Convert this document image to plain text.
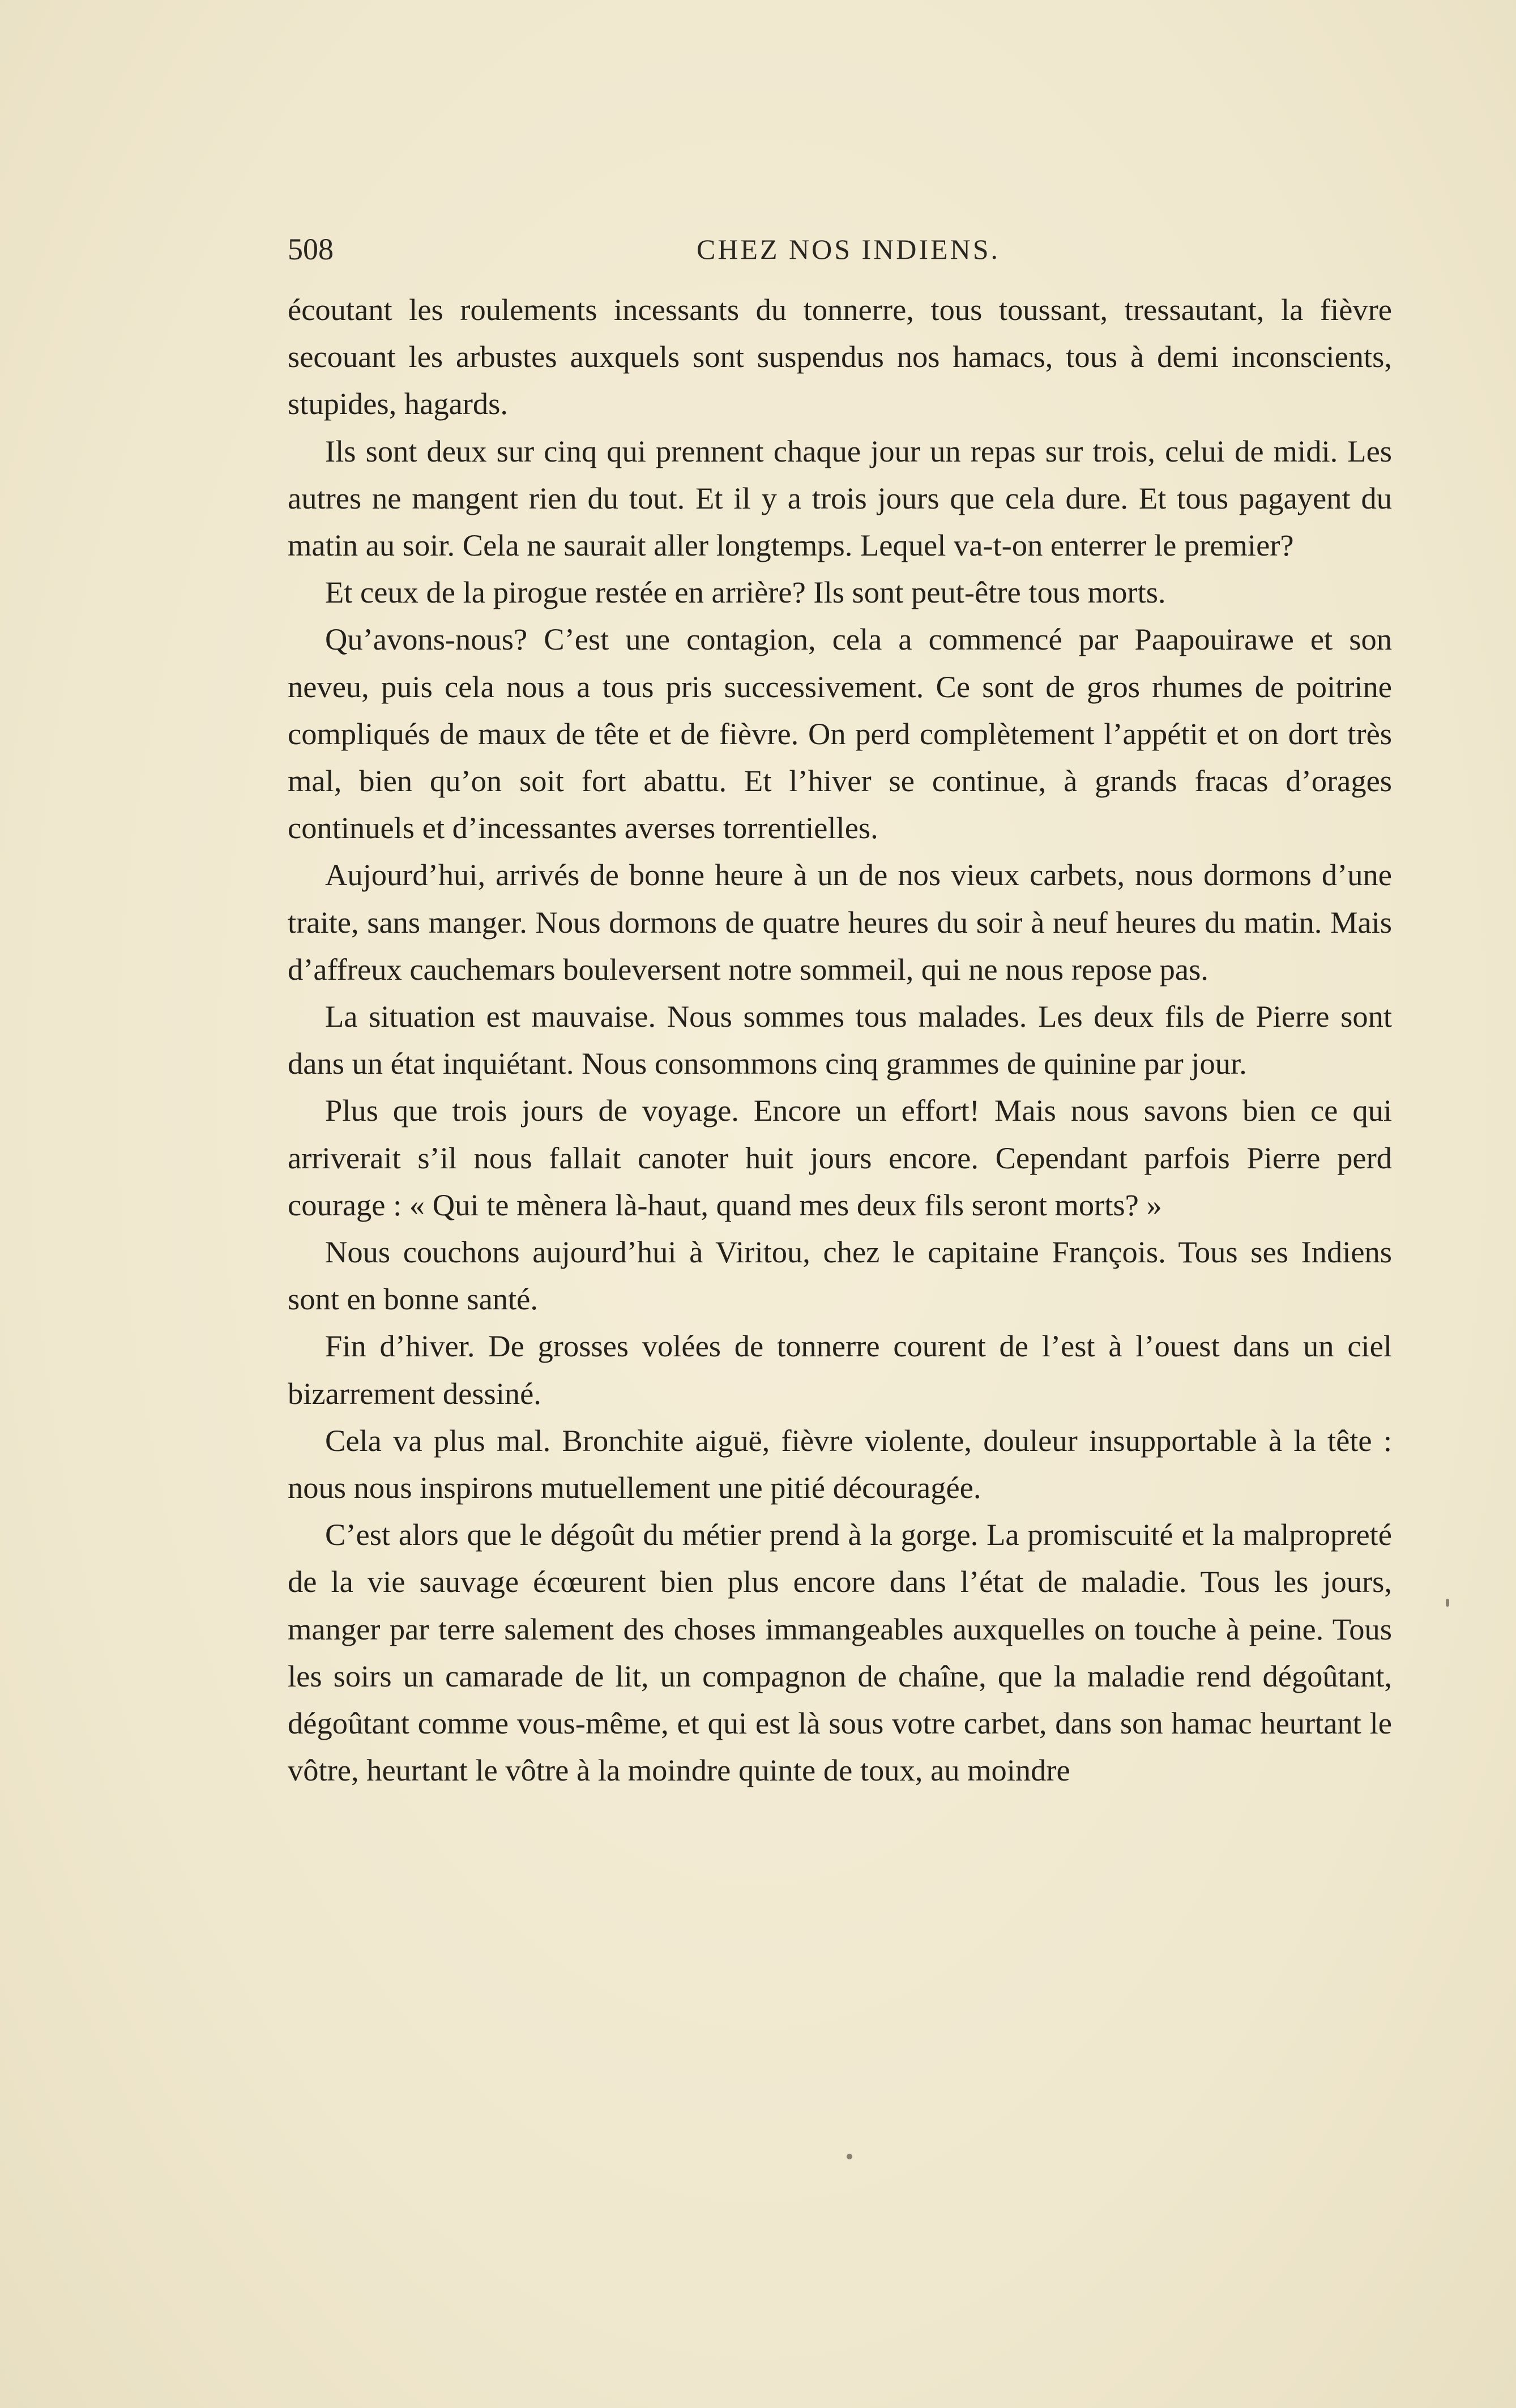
508	CHEZ NOS INDIENS.

écoutant les roulements incessants du tonnerre, tous toussant, tressautant, la fièvre secouant les arbustes auxquels sont suspendus nos hamacs, tous à demi inconscients, stupides, hagards.

Ils sont deux sur cinq qui prennent chaque jour un repas sur trois, celui de midi. Les autres ne mangent rien du tout. Et il y a trois jours que cela dure. Et tous pagayent du matin au soir. Cela ne saurait aller longtemps. Lequel va-t-on enterrer le premier?

Et ceux de la pirogue restée en arrière? Ils sont peut-être tous morts.

Qu’avons-nous? C’est une contagion, cela a commencé par Paapouirawe et son neveu, puis cela nous a tous pris successivement. Ce sont de gros rhumes de poitrine compliqués de maux de tête et de fièvre. On perd complètement l’appétit et on dort très mal, bien qu’on soit fort abattu. Et l’hiver se continue, à grands fracas d’orages continuels et d’incessantes averses torrentielles.

Aujourd’hui, arrivés de bonne heure à un de nos vieux carbets, nous dormons d’une traite, sans manger. Nous dormons de quatre heures du soir à neuf heures du matin. Mais d’affreux cauchemars bouleversent notre sommeil, qui ne nous repose pas.

La situation est mauvaise. Nous sommes tous malades. Les deux fils de Pierre sont dans un état inquiétant. Nous consommons cinq grammes de quinine par jour.

Plus que trois jours de voyage. Encore un effort! Mais nous savons bien ce qui arriverait s’il nous fallait canoter huit jours encore. Cependant parfois Pierre perd courage : « Qui te mènera là-haut, quand mes deux fils seront morts? »

Nous couchons aujourd’hui à Viritou, chez le capitaine François. Tous ses Indiens sont en bonne santé.

Fin d’hiver. De grosses volées de tonnerre courent de l’est à l’ouest dans un ciel bizarrement dessiné.

Cela va plus mal. Bronchite aiguë, fièvre violente, douleur insupportable à la tête : nous nous inspirons mutuellement une pitié découragée.

C’est alors que le dégoût du métier prend à la gorge. La promiscuité et la malpropreté de la vie sauvage écœurent bien plus encore dans l’état de maladie. Tous les jours, manger par terre salement des choses immangeables auxquelles on touche à peine. Tous les soirs un camarade de lit, un compagnon de chaîne, que la maladie rend dégoûtant, dégoûtant comme vous-même, et qui est là sous votre carbet, dans son hamac heurtant le vôtre, heurtant le vôtre à la moindre quinte de toux, au moindre
